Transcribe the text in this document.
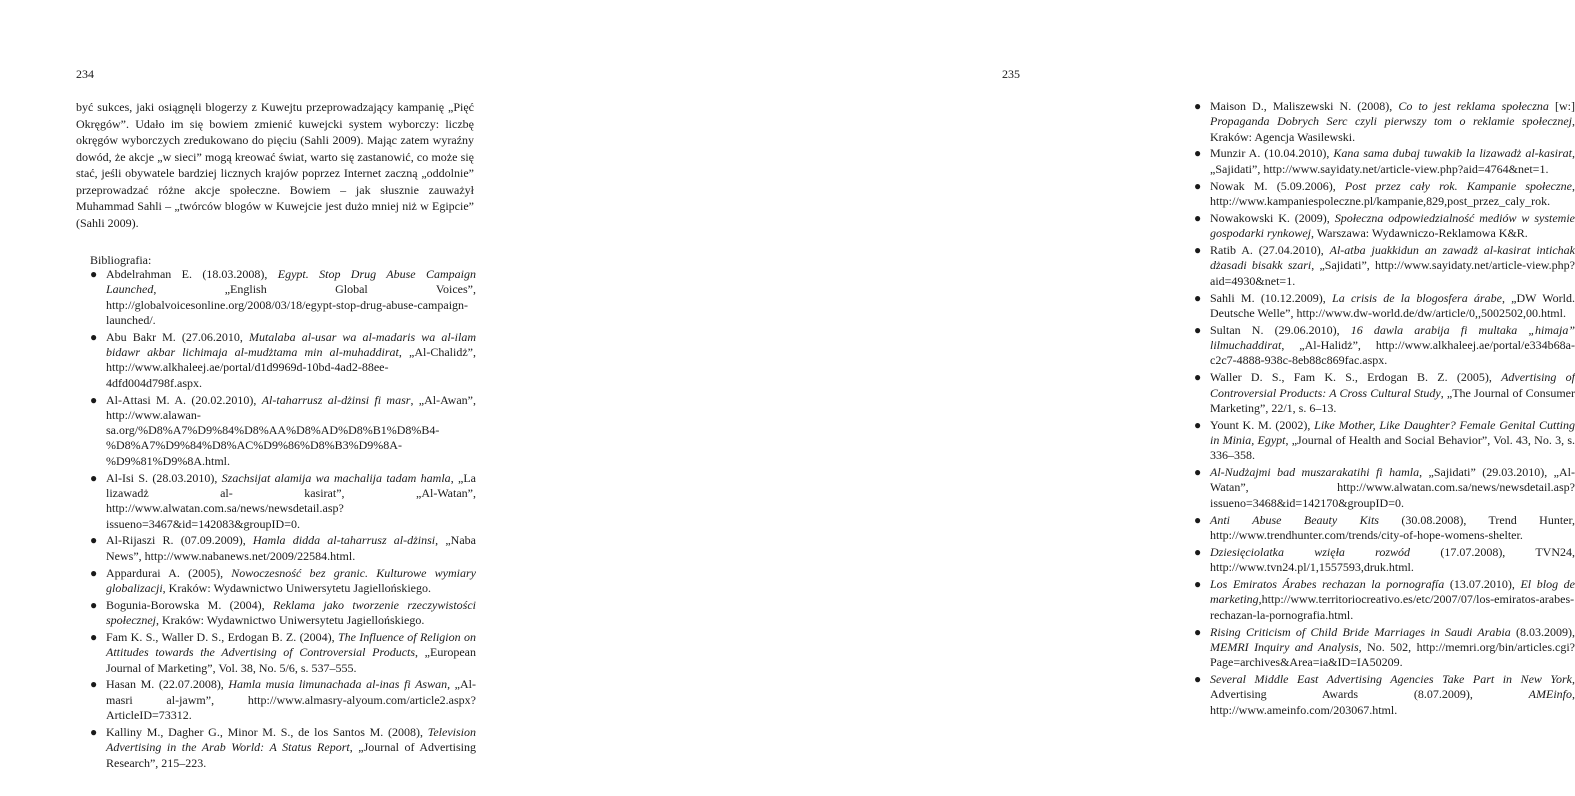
234

być sukces, jaki osiągnęli blogerzy z Kuwejtu przeprowadzający kampanię „Pięć Okręgów”. Udało im się bowiem zmienić kuwejcki system wyborczy: liczbę okręgów wyborczych zredukowano do pięciu (Sahli 2009). Mając zatem wyraźny dowód, że akcje „w sieci” mogą kreować świat, warto się zastanowić, co może się stać, jeśli obywatele bardziej licznych krajów poprzez Internet zaczną „oddolnie” przeprowadzać różne akcje społeczne. Bowiem – jak słusznie zauważył Muhammad Sahli – „twórców blogów w Kuwejcie jest dużo mniej niż w Egipcie” (Sahli 2009).

Bibliografia:

● Abdelrahman E. (18.03.2008), Egypt. Stop Drug Abuse Campaign Launched, „English Global Voices”, http://globalvoicesonline.org/2008/03/18/egypt-stop-drug-abuse-campaign-launched/.
● Abu Bakr M. (27.06.2010, Mutalaba al-usar wa al-madaris wa al-ilam bidawr akbar lichimaja al-mudżtama min al-muhaddirat, „Al-Chalidż”, http://www.alkhaleej.ae/portal/d1d9969d-10bd-4ad2-88ee-4dfd004d798f.aspx.
● Al-Attasi M. A. (20.02.2010), Al-taharrusz al-dżinsi fi masr, „Al-Awan”, http://www.alawan-sa.org/%D8%A7%D9%84%D8%AA%D8%AD%D8%B1%D8%B4-%D8%A7%D9%84%D8%AC%D9%86%D8%B3%D9%8A-%D9%81%D9%8A.html.
● Al-Isi S. (28.03.2010), Szachsijat alamija wa machalija tadam hamla, „La lizawadż al- kasirat”, „Al-Watan”, http://www.alwatan.com.sa/news/newsdetail.asp?issueno=3467&id=142083&groupID=0.
● Al-Rijaszi R. (07.09.2009), Hamla didda al-taharrusz al-dżinsi, „Naba News”, http://www.nabanews.net/2009/22584.html.
● Appardurai A. (2005), Nowoczesność bez granic. Kulturowe wymiary globalizacji, Kraków: Wydawnictwo Uniwersytetu Jagiellońskiego.
● Bogunia-Borowska M. (2004), Reklama jako tworzenie rzeczywistości społecznej, Kraków: Wydawnictwo Uniwersytetu Jagiellońskiego.
● Fam K. S., Waller D. S., Erdogan B. Z. (2004), The Influence of Religion on Attitudes towards the Advertising of Controversial Products, „European Journal of Marketing”, Vol. 38, No. 5/6, s. 537–555.
● Hasan M. (22.07.2008), Hamla musia limunachada al-inas fi Aswan, „Al-masri al-jawm”, http://www.almasry-alyoum.com/article2.aspx?ArticleID=73312.
● Kalliny M., Dagher G., Minor M. S., de los Santos M. (2008), Television Advertising in the Arab World: A Status Report, „Journal of Advertising Research”, 215–223.
235
● Maison D., Maliszewski N. (2008), Co to jest reklama społeczna [w:] Propaganda Dobrych Serc czyli pierwszy tom o reklamie społecznej, Kraków: Agencja Wasilewski.
● Munzir A. (10.04.2010), Kana sama dubaj tuwakib la lizawadż al-kasirat, „Sajidati”, http://www.sayidaty.net/article-view.php?aid=4764&net=1.
● Nowak M. (5.09.2006), Post przez cały rok. Kampanie społeczne, http://www.kampaniespoleczne.pl/kampanie,829,post_przez_caly_rok.
● Nowakowski K. (2009), Społeczna odpowiedzialność mediów w systemie gospodarki rynkowej, Warszawa: Wydawniczo-Reklamowa K&R.
● Ratib A. (27.04.2010), Al-atba juakkidun an zawadż al-kasirat intichak dżasadi bisakk szari, „Sajidati”, http://www.sayidaty.net/article-view.php?aid=4930&net=1.
● Sahli M. (10.12.2009), La crisis de la blogosfera árabe, „DW World. Deutsche Welle”, http://www.dw-world.de/dw/article/0,,5002502,00.html.
● Sultan N. (29.06.2010), 16 dawla arabija fi multaka „himaja” lilmuchaddirat, „Al-Halidż”, http://www.alkhaleej.ae/portal/e334b68a-c2c7-4888-938c-8eb88c869fac.aspx.
● Waller D. S., Fam K. S., Erdogan B. Z. (2005), Advertising of Controversial Products: A Cross Cultural Study, „The Journal of Consumer Marketing”, 22/1, s. 6–13.
● Yount K. M. (2002), Like Mother, Like Daughter? Female Genital Cutting in Minia, Egypt, „Journal of Health and Social Behavior”, Vol. 43, No. 3, s. 336–358.
● Al-Nudżajmi bad muszarakatihi fi hamla, „Sajidati” (29.03.2010), „Al-Watan”, http://www.alwatan.com.sa/news/newsdetail.asp?issueno=3468&id=142170&groupID=0.
● Anti Abuse Beauty Kits (30.08.2008), Trend Hunter, http://www.trendhunter.com/trends/city-of-hope-womens-shelter.
● Dziesięciolatka wzięła rozwód (17.07.2008), TVN24, http://www.tvn24.pl/1,1557593,druk.html.
● Los Emiratos Árabes rechazan la pornografía (13.07.2010), El blog de marketing,http://www.territoriocreativo.es/etc/2007/07/los-emiratos-arabes-rechazan-la-pornografia.html.
● Rising Criticism of Child Bride Marriages in Saudi Arabia (8.03.2009), MEMRI Inquiry and Analysis, No. 502, http://memri.org/bin/articles.cgi?Page=archives&Area=ia&ID=IA50209.
● Several Middle East Advertising Agencies Take Part in New York, Advertising Awards (8.07.2009), AMEinfo, http://www.ameinfo.com/203067.html.
